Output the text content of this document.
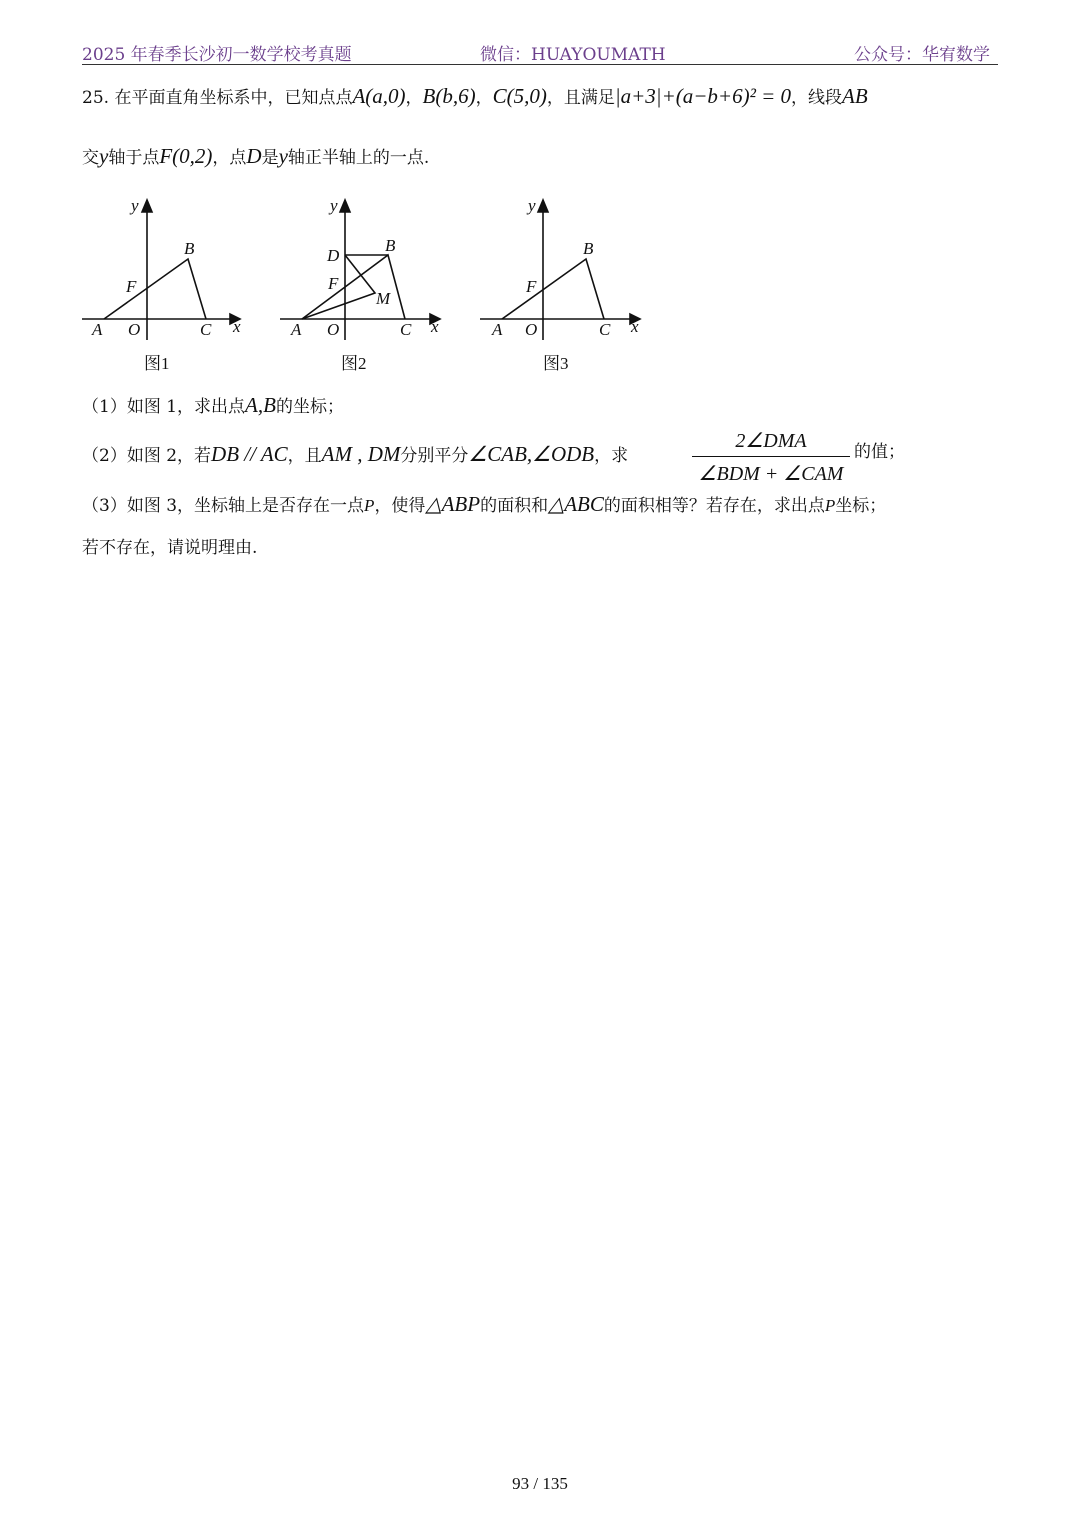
2025 年春季长沙初一数学校考真题	微信：HUAYOUMATH	公众号：华宥数学
25. 在平面直角坐标系中，已知点点A(a,0)，B(b,6)，C(5,0)，且满足|a+3|+(a−b+6)² = 0，线段AB
交y轴于点F(0,2)，点D是y轴正半轴上的一点.
y
x
A O	C
B
F
y
x
A O	C
B
F
D
M
y
x
A O	C
B
F
图1	图2	图3
（1）如图 1，求出点A,B的坐标；
（2）如图 2，若DB // AC，且AM , DM分别平分∠CAB,∠ODB，求
2∠DMA
∠BDM + ∠CAM
的值；
（3）如图 3，坐标轴上是否存在一点P，使得△ABP的面积和△ABC的面积相等？若存在，求出点P坐标；
若不存在，请说明理由.
93 / 135
